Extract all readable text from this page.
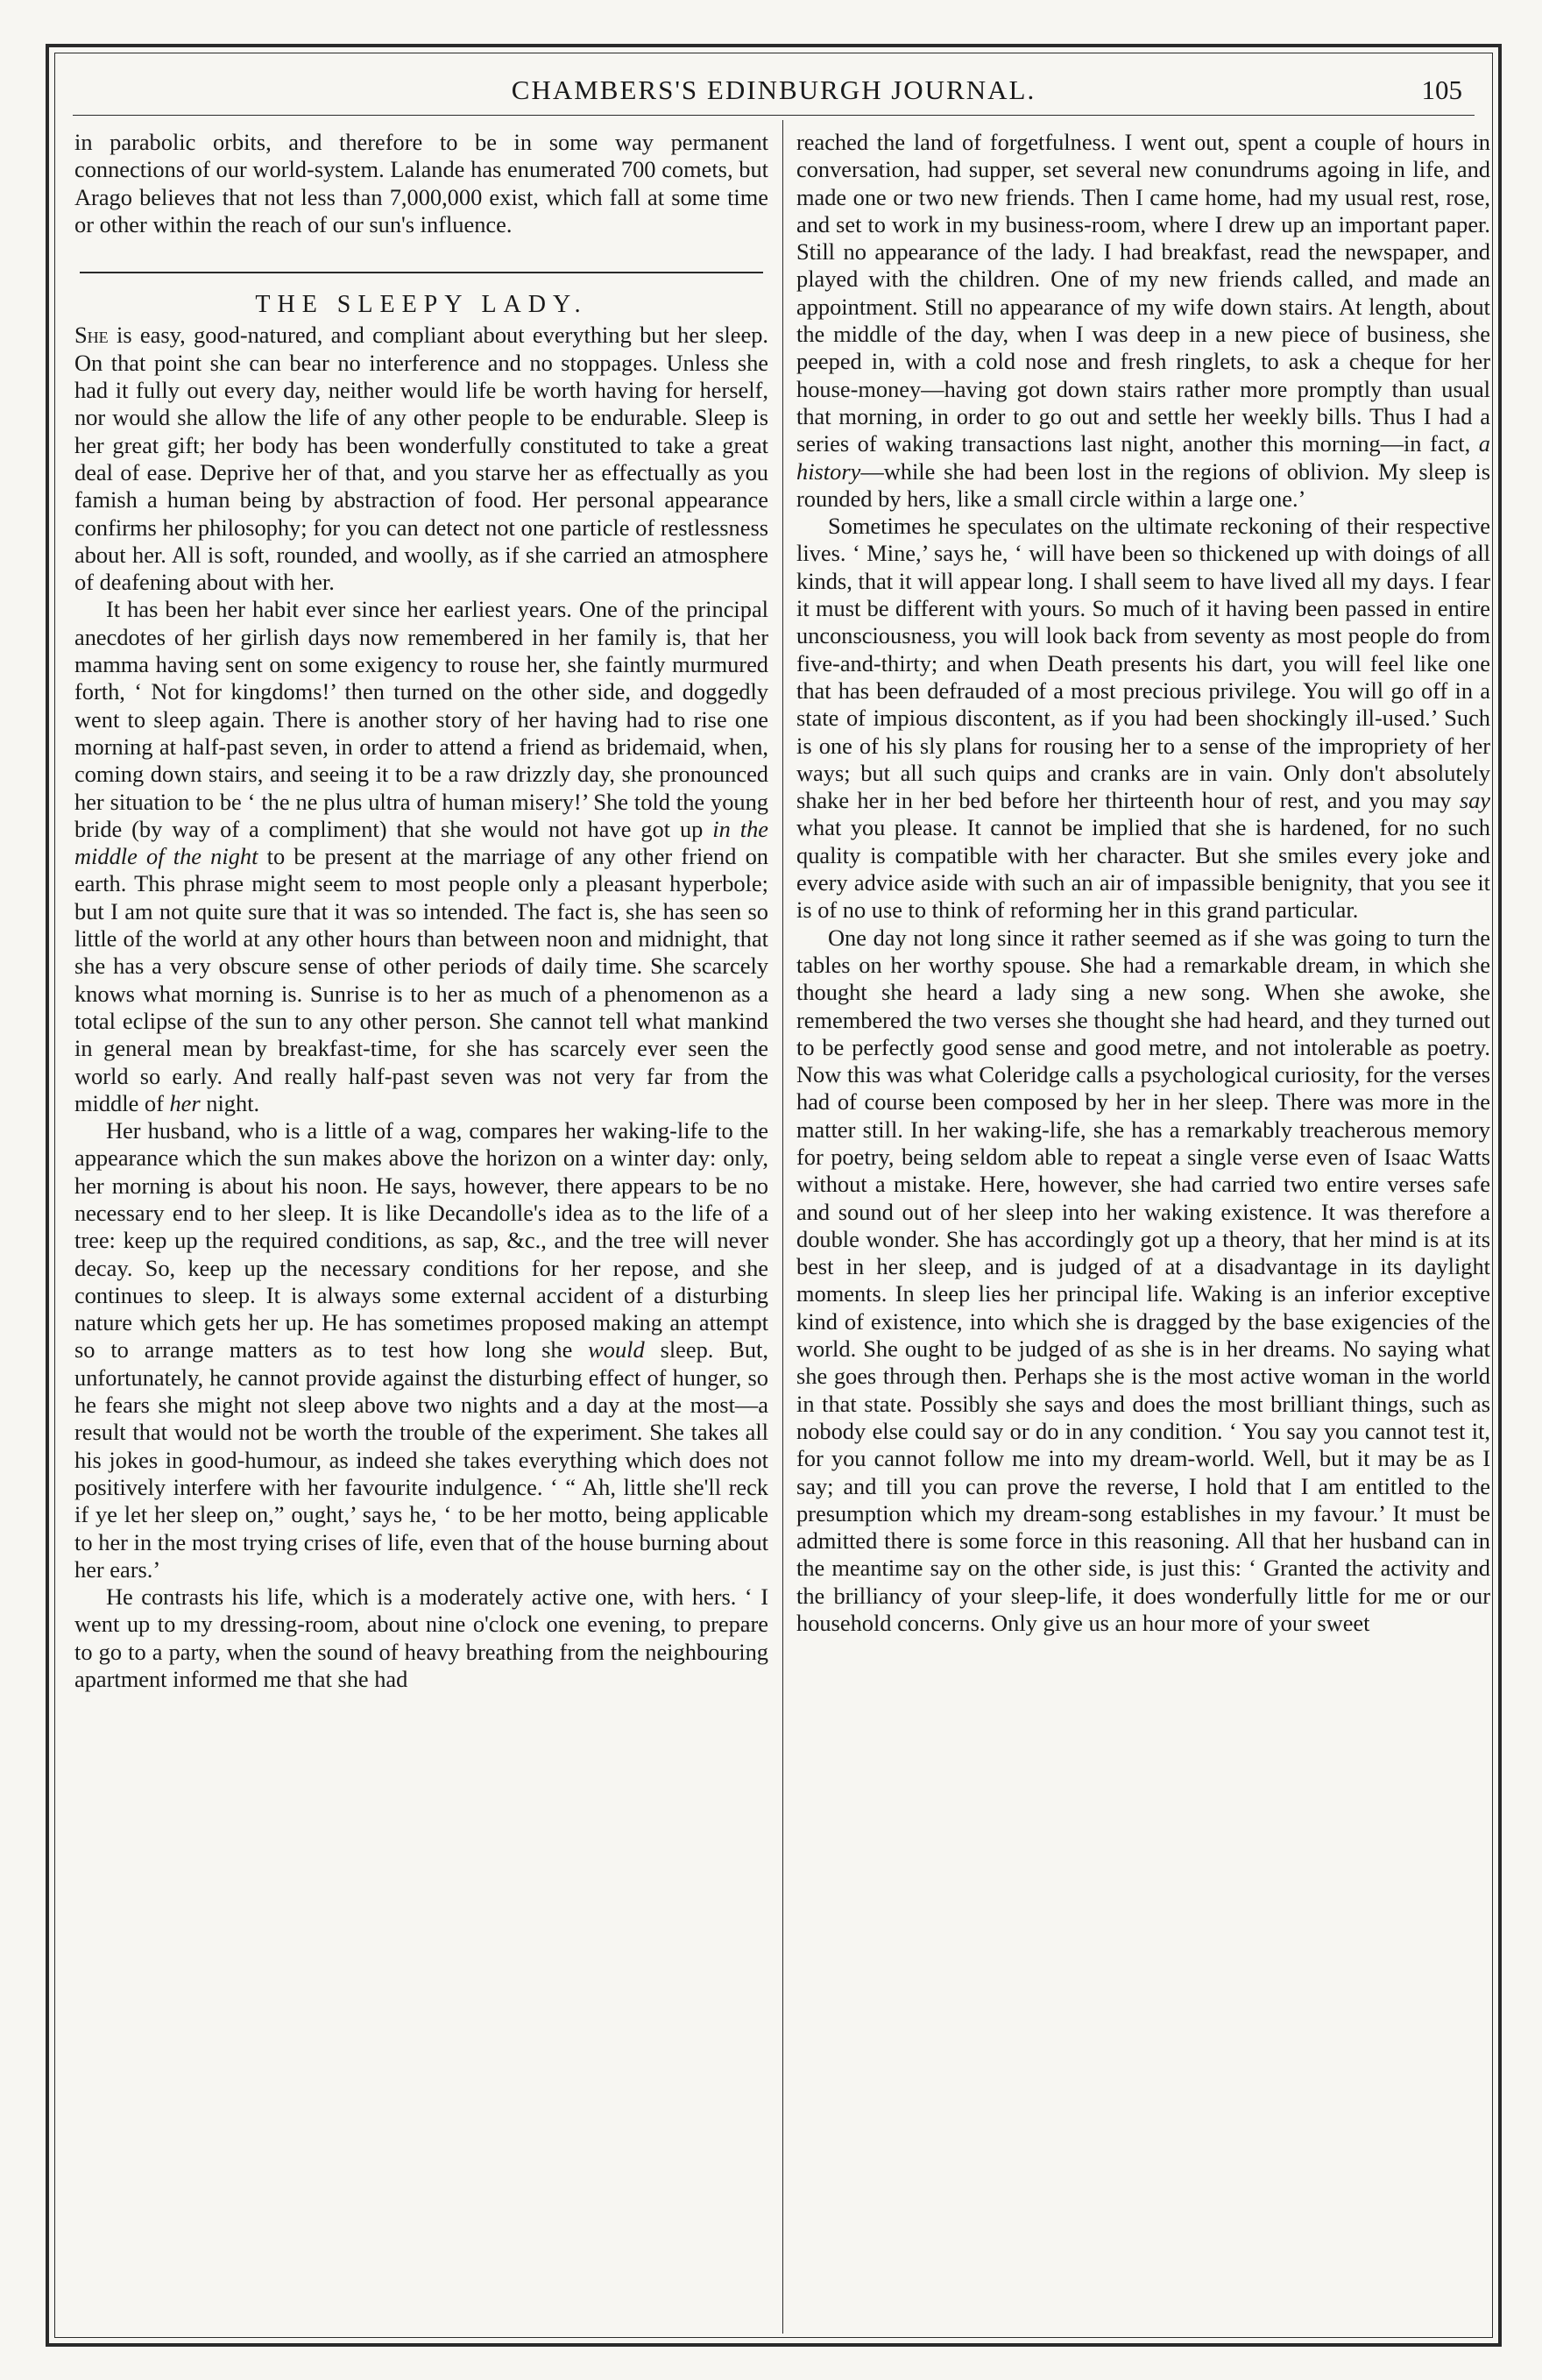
CHAMBERS'S EDINBURGH JOURNAL.	105

in parabolic orbits, and therefore to be in some way permanent connections of our world-system. Lalande has enumerated 700 comets, but Arago believes that not less than 7,000,000 exist, which fall at some time or other within the reach of our sun's influence.

THE SLEEPY LADY.

She is easy, good-natured, and compliant about everything but her sleep. On that point she can bear no interference and no stoppages. Unless she had it fully out every day, neither would life be worth having for herself, nor would she allow the life of any other people to be endurable. Sleep is her great gift; her body has been wonderfully constituted to take a great deal of ease. Deprive her of that, and you starve her as effectually as you famish a human being by abstraction of food. Her personal appearance confirms her philosophy; for you can detect not one particle of restlessness about her. All is soft, rounded, and woolly, as if she carried an atmosphere of deafening about with her.

It has been her habit ever since her earliest years. One of the principal anecdotes of her girlish days now remembered in her family is, that her mamma having sent on some exigency to rouse her, she faintly murmured forth, ‘ Not for kingdoms!’ then turned on the other side, and doggedly went to sleep again. There is another story of her having had to rise one morning at half-past seven, in order to attend a friend as bridemaid, when, coming down stairs, and seeing it to be a raw drizzly day, she pronounced her situation to be ‘ the ne plus ultra of human misery!’ She told the young bride (by way of a compliment) that she would not have got up in the middle of the night to be present at the marriage of any other friend on earth. This phrase might seem to most people only a pleasant hyperbole; but I am not quite sure that it was so intended. The fact is, she has seen so little of the world at any other hours than between noon and midnight, that she has a very obscure sense of other periods of daily time. She scarcely knows what morning is. Sunrise is to her as much of a phenomenon as a total eclipse of the sun to any other person. She cannot tell what mankind in general mean by breakfast-time, for she has scarcely ever seen the world so early. And really half-past seven was not very far from the middle of her night.

Her husband, who is a little of a wag, compares her waking-life to the appearance which the sun makes above the horizon on a winter day: only, her morning is about his noon. He says, however, there appears to be no necessary end to her sleep. It is like Decandolle's idea as to the life of a tree: keep up the required conditions, as sap, &c., and the tree will never decay. So, keep up the necessary conditions for her repose, and she continues to sleep. It is always some external accident of a disturbing nature which gets her up. He has sometimes proposed making an attempt so to arrange matters as to test how long she would sleep. But, unfortunately, he cannot provide against the disturbing effect of hunger, so he fears she might not sleep above two nights and a day at the most—a result that would not be worth the trouble of the experiment. She takes all his jokes in good-humour, as indeed she takes everything which does not positively interfere with her favourite indulgence. ‘ “ Ah, little she'll reck if ye let her sleep on,” ought,’ says he, ‘ to be her motto, being applicable to her in the most trying crises of life, even that of the house burning about her ears.’

He contrasts his life, which is a moderately active one, with hers. ‘ I went up to my dressing-room, about nine o'clock one evening, to prepare to go to a party, when the sound of heavy breathing from the neighbouring apartment informed me that she had

reached the land of forgetfulness. I went out, spent a couple of hours in conversation, had supper, set several new conundrums agoing in life, and made one or two new friends. Then I came home, had my usual rest, rose, and set to work in my business-room, where I drew up an important paper. Still no appearance of the lady. I had breakfast, read the newspaper, and played with the children. One of my new friends called, and made an appointment. Still no appearance of my wife down stairs. At length, about the middle of the day, when I was deep in a new piece of business, she peeped in, with a cold nose and fresh ringlets, to ask a cheque for her house-money—having got down stairs rather more promptly than usual that morning, in order to go out and settle her weekly bills. Thus I had a series of waking transactions last night, another this morning—in fact, a history—while she had been lost in the regions of oblivion. My sleep is rounded by hers, like a small circle within a large one.’

Sometimes he speculates on the ultimate reckoning of their respective lives. ‘ Mine,’ says he, ‘ will have been so thickened up with doings of all kinds, that it will appear long. I shall seem to have lived all my days. I fear it must be different with yours. So much of it having been passed in entire unconsciousness, you will look back from seventy as most people do from five-and-thirty; and when Death presents his dart, you will feel like one that has been defrauded of a most precious privilege. You will go off in a state of impious discontent, as if you had been shockingly ill-used.’ Such is one of his sly plans for rousing her to a sense of the impropriety of her ways; but all such quips and cranks are in vain. Only don't absolutely shake her in her bed before her thirteenth hour of rest, and you may say what you please. It cannot be implied that she is hardened, for no such quality is compatible with her character. But she smiles every joke and every advice aside with such an air of impassible benignity, that you see it is of no use to think of reforming her in this grand particular.

One day not long since it rather seemed as if she was going to turn the tables on her worthy spouse. She had a remarkable dream, in which she thought she heard a lady sing a new song. When she awoke, she remembered the two verses she thought she had heard, and they turned out to be perfectly good sense and good metre, and not intolerable as poetry. Now this was what Coleridge calls a psychological curiosity, for the verses had of course been composed by her in her sleep. There was more in the matter still. In her waking-life, she has a remarkably treacherous memory for poetry, being seldom able to repeat a single verse even of Isaac Watts without a mistake. Here, however, she had carried two entire verses safe and sound out of her sleep into her waking existence. It was therefore a double wonder. She has accordingly got up a theory, that her mind is at its best in her sleep, and is judged of at a disadvantage in its daylight moments. In sleep lies her principal life. Waking is an inferior exceptive kind of existence, into which she is dragged by the base exigencies of the world. She ought to be judged of as she is in her dreams. No saying what she goes through then. Perhaps she is the most active woman in the world in that state. Possibly she says and does the most brilliant things, such as nobody else could say or do in any condition. ‘ You say you cannot test it, for you cannot follow me into my dream-world. Well, but it may be as I say; and till you can prove the reverse, I hold that I am entitled to the presumption which my dream-song establishes in my favour.’ It must be admitted there is some force in this reasoning. All that her husband can in the meantime say on the other side, is just this: ‘ Granted the activity and the brilliancy of your sleep-life, it does wonderfully little for me or our household concerns. Only give us an hour more of your sweet
